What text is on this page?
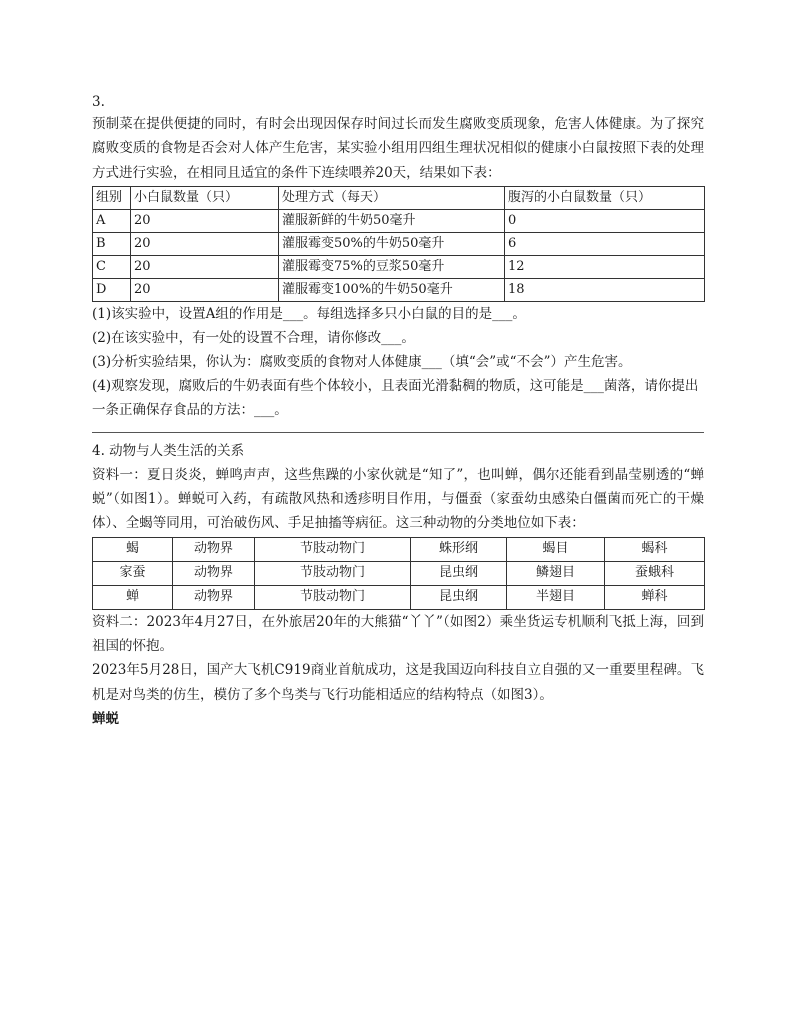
3.

预制菜在提供便捷的同时，有时会出现因保存时间过长而发生腐败变质现象，危害人体健康。为了探究腐败变质的食物是否会对人体产生危害，某实验小组用四组生理状况相似的健康小白鼠按照下表的处理方式进行实验，在相同且适宜的条件下连续喂养20天，结果如下表：

组别	小白鼠数量（只）	处理方式（每天）	腹泻的小白鼠数量（只）
A	20	灌服新鲜的牛奶50毫升	0
B	20	灌服霉变50%的牛奶50毫升	6
C	20	灌服霉变75%的豆浆50毫升	12
D	20	灌服霉变100%的牛奶50毫升	18

(1)该实验中，设置A组的作用是___。每组选择多只小白鼠的目的是___。

(2)在该实验中，有一处的设置不合理，请你修改___。

(3)分析实验结果，你认为：腐败变质的食物对人体健康___（填“会”或“不会”）产生危害。

(4)观察发现，腐败后的牛奶表面有些个体较小，且表面光滑黏稠的物质，这可能是___菌落，请你提出一条正确保存食品的方法：___。

4. 动物与人类生活的关系

资料一：夏日炎炎，蝉鸣声声，这些焦躁的小家伙就是“知了”，也叫蝉，偶尔还能看到晶莹剔透的“蝉蜕”（如图1）。蝉蜕可入药，有疏散风热和透疹明目作用，与僵蚕（家蚕幼虫感染白僵菌而死亡的干燥体）、全蝎等同用，可治破伤风、手足抽搐等病征。这三种动物的分类地位如下表：

蝎	动物界	节肢动物门	蛛形纲	蝎目	蝎科
家蚕	动物界	节肢动物门	昆虫纲	鳞翅目	蚕蛾科
蝉	动物界	节肢动物门	昆虫纲	半翅目	蝉科

资料二：2023年4月27日，在外旅居20年的大熊猫“丫丫”（如图2）乘坐货运专机顺利飞抵上海，回到祖国的怀抱。

2023年5月28日，国产大飞机C919商业首航成功，这是我国迈向科技自立自强的又一重要里程碑。飞机是对鸟类的仿生，模仿了多个鸟类与飞行功能相适应的结构特点（如图3）。

蝉蜕
